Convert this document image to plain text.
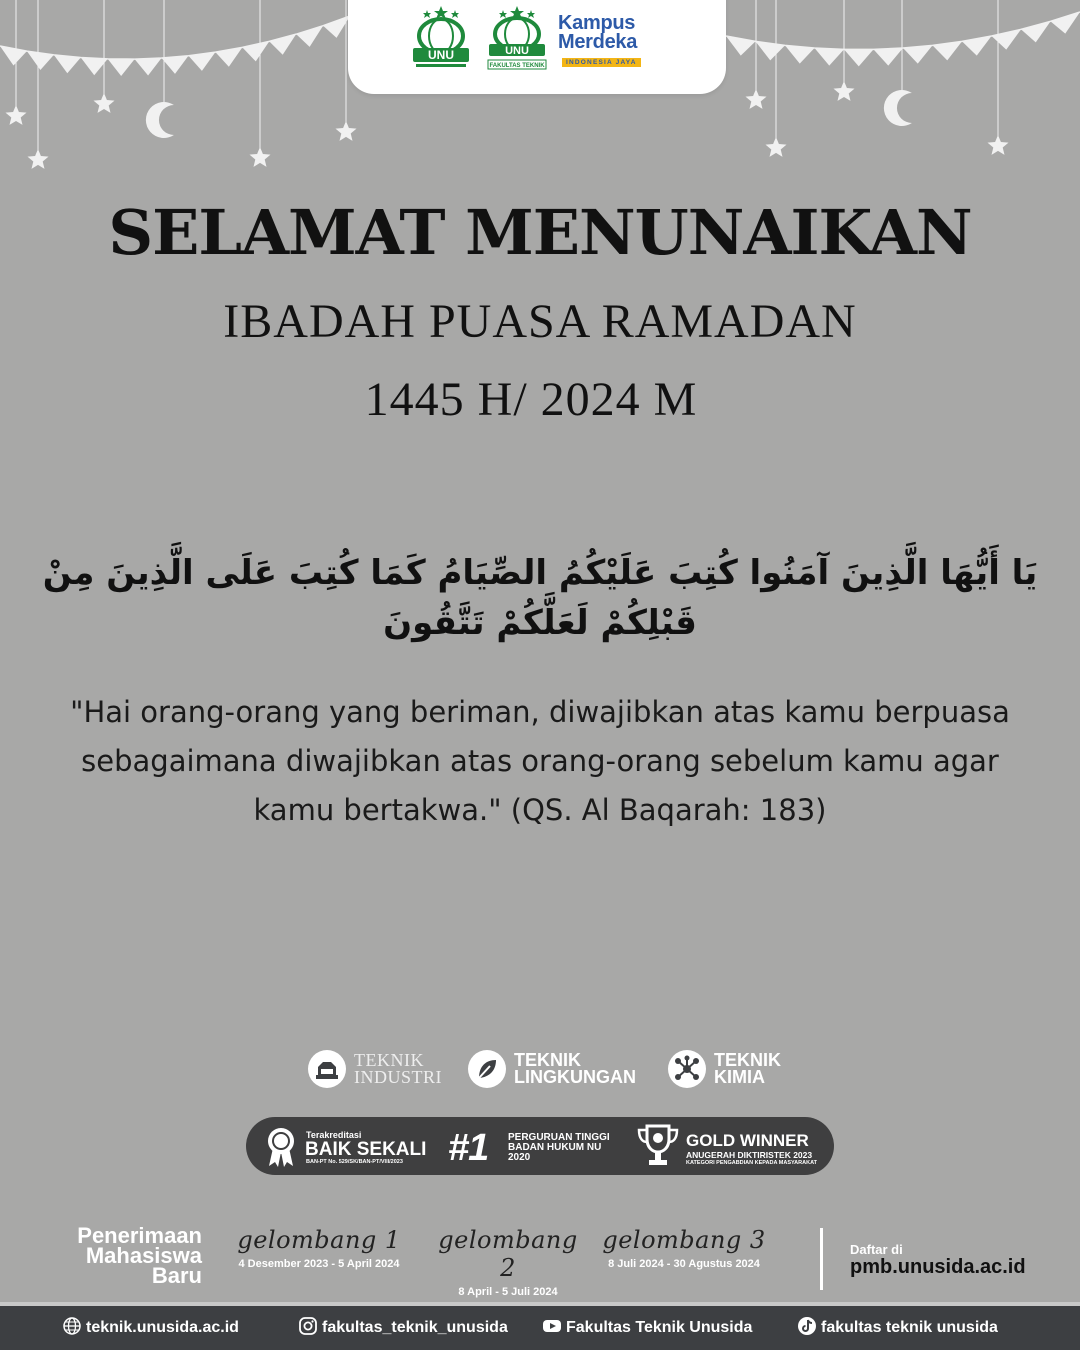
UNU	UNU
FAKULTAS TEKNIK
Kampus
Merdeka
INDONESIA JAYA
SELAMAT MENUNAIKAN
IBADAH PUASA RAMADAN
1445 H/ 2024 M
يَا أَيُّهَا الَّذِينَ آمَنُوا كُتِبَ عَلَيْكُمُ الصِّيَامُ كَمَا كُتِبَ عَلَى الَّذِينَ مِنْ قَبْلِكُمْ لَعَلَّكُمْ تَتَّقُونَ
"Hai orang-orang yang beriman, diwajibkan atas kamu berpuasa sebagaimana diwajibkan atas orang-orang sebelum kamu agar kamu bertakwa." (QS. Al Baqarah: 183)
TEKNIK
INDUSTRI
TEKNIK
LINGKUNGAN
TEKNIK
KIMIA
Terakreditasi
BAIK SEKALI
BAN-PT No. 529/SK/BAN-PT/VIII/2023 #1 PERGURUAN TINGGI
BADAN HUKUM NU
2020
GOLD WINNER
ANUGERAH DIKTIRISTEK 2023
KATEGORI PENGABDIAN KEPADA MASYARAKAT
Penerimaan
Mahasiswa
Baru
gelombang 1
4 Desember 2023 - 5 April 2024
gelombang 2
8 April - 5 Juli 2024
gelombang 3
8 Juli 2024 - 30 Agustus 2024
Daftar di
pmb.unusida.ac.id
teknik.unusida.ac.id	fakultas_teknik_unusida	Fakultas Teknik Unusida	fakultas teknik unusida
